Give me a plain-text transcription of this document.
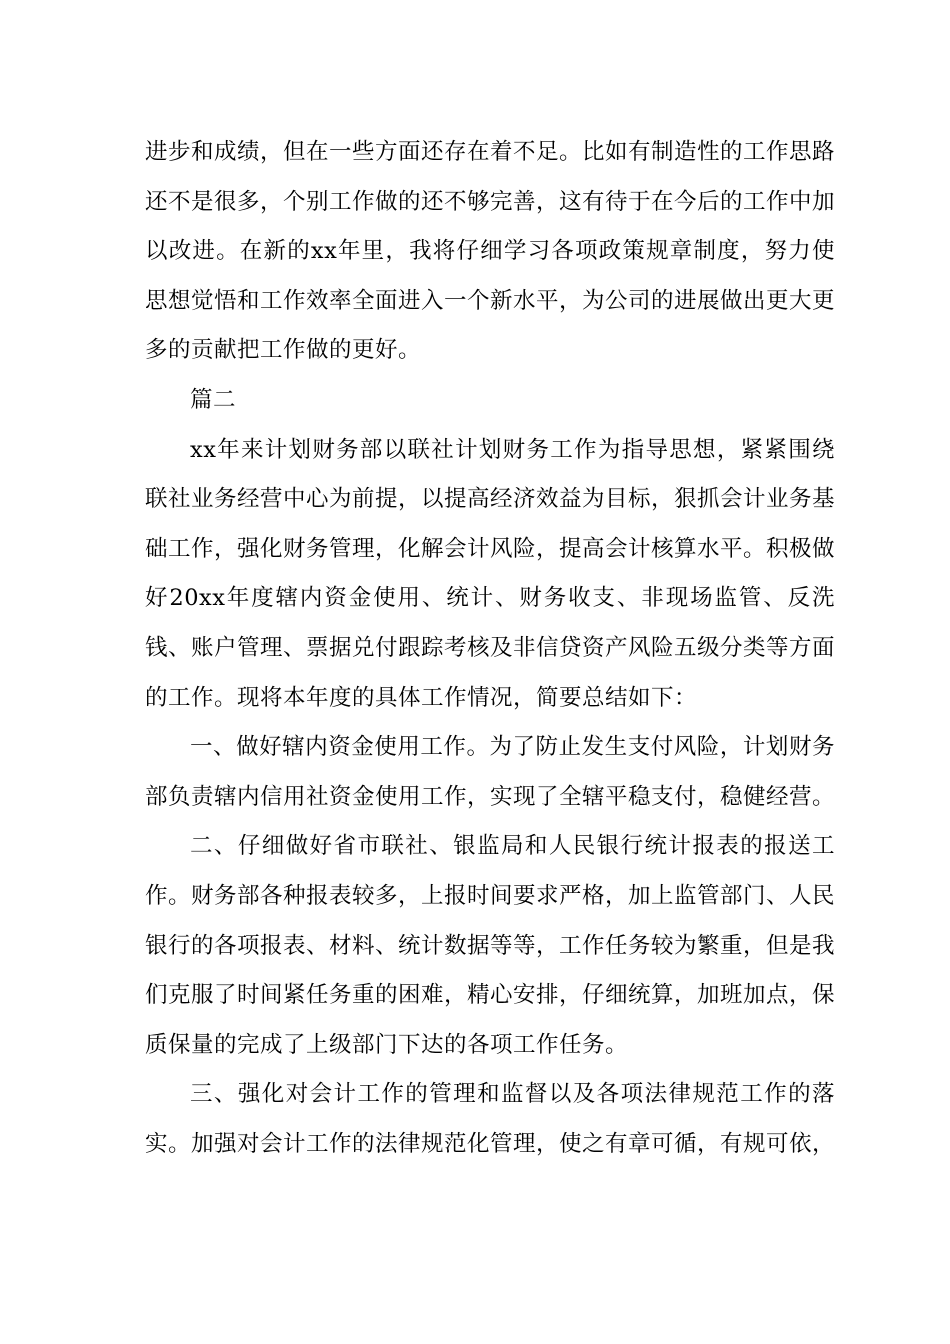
进步和成绩，但在一些方面还存在着不足。比如有制造性的工作思路还不是很多，个别工作做的还不够完善，这有待于在今后的工作中加以改进。在新的xx年里，我将仔细学习各项政策规章制度，努力使思想觉悟和工作效率全面进入一个新水平，为公司的进展做出更大更多的贡献把工作做的更好。

篇二

xx年来计划财务部以联社计划财务工作为指导思想，紧紧围绕联社业务经营中心为前提，以提高经济效益为目标，狠抓会计业务基础工作，强化财务管理，化解会计风险，提高会计核算水平。积极做好20xx年度辖内资金使用、统计、财务收支、非现场监管、反洗钱、账户管理、票据兑付跟踪考核及非信贷资产风险五级分类等方面的工作。现将本年度的具体工作情况，简要总结如下：

一、做好辖内资金使用工作。为了防止发生支付风险，计划财务部负责辖内信用社资金使用工作，实现了全辖平稳支付，稳健经营。

二、仔细做好省市联社、银监局和人民银行统计报表的报送工作。财务部各种报表较多，上报时间要求严格，加上监管部门、人民银行的各项报表、材料、统计数据等等，工作任务较为繁重，但是我们克服了时间紧任务重的困难，精心安排，仔细统算，加班加点，保质保量的完成了上级部门下达的各项工作任务。

三、强化对会计工作的管理和监督以及各项法律规范工作的落实。加强对会计工作的法律规范化管理，使之有章可循，有规可依，
